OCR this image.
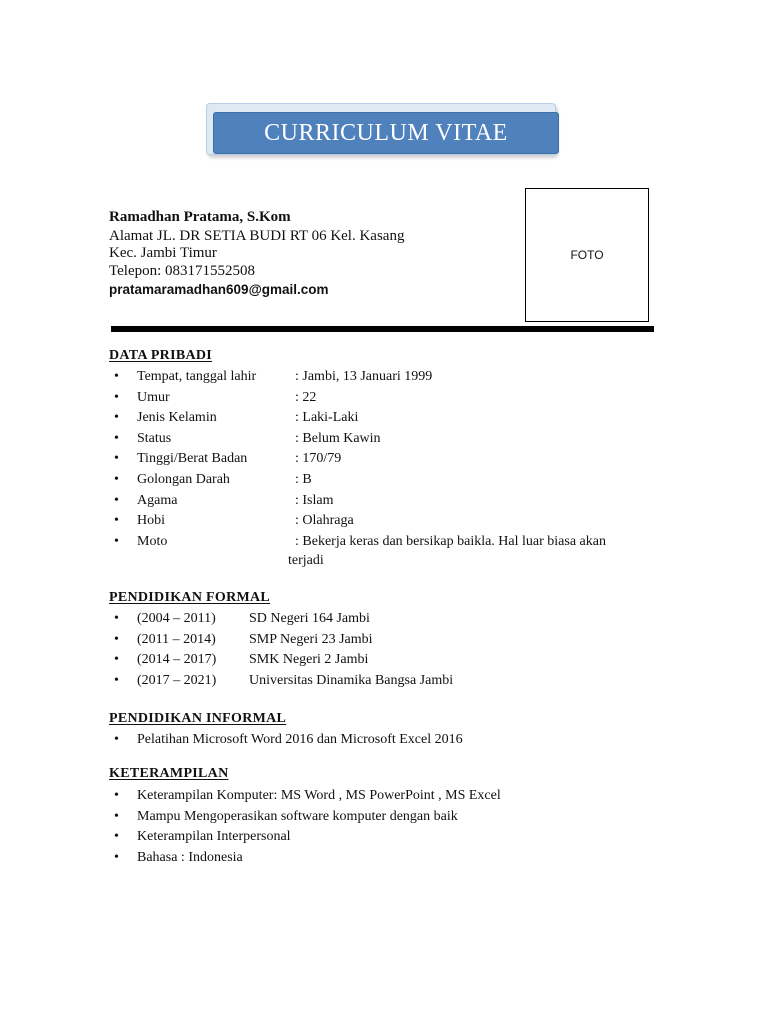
CURRICULUM VITAE
Ramadhan Pratama, S.Kom
Alamat JL. DR SETIA BUDI RT 06 Kel. Kasang
Kec. Jambi Timur
Telepon: 083171552508
pratamaramadhan609@gmail.com
FOTO
DATA PRIBADI
• Tempat, tanggal lahir	: Jambi, 13 Januari 1999
• Umur	: 22
• Jenis Kelamin	: Laki-Laki
• Status	: Belum Kawin
• Tinggi/Berat Badan	: 170/79
• Golongan Darah	: B
• Agama	: Islam
• Hobi	: Olahraga
• Moto	: Bekerja keras dan bersikap baikla. Hal luar biasa akan
terjadi
PENDIDIKAN FORMAL
• (2004 – 2011) SD Negeri 164 Jambi
• (2011 – 2014) SMP Negeri 23 Jambi
• (2014 – 2017) SMK Negeri 2 Jambi
• (2017 – 2021) Universitas Dinamika Bangsa Jambi
PENDIDIKAN INFORMAL
• Pelatihan Microsoft Word 2016 dan Microsoft Excel 2016
KETERAMPILAN
• Keterampilan Komputer: MS Word , MS PowerPoint , MS Excel
• Mampu Mengoperasikan software komputer dengan baik
• Keterampilan Interpersonal
• Bahasa : Indonesia
